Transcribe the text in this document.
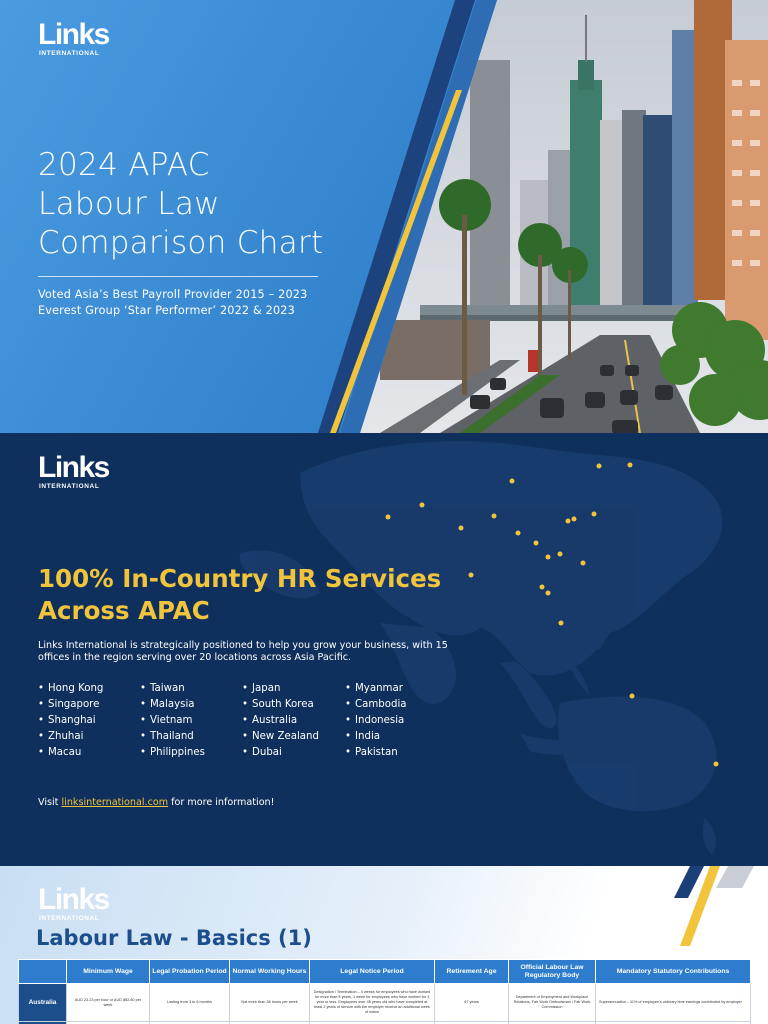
Links
INTERNATIONAL
2024 APAC
Labour Law
Comparison Chart

Voted Asia’s Best Payroll Provider 2015 – 2023
Everest Group ‘Star Performer’ 2022 & 2023

Links
INTERNATIONAL
100% In-Country HR Services
Across APAC

Links International is strategically positioned to help you grow your business, with 15 offices in the region serving over 20 locations across Asia Pacific.

• Hong Kong
• Singapore
• Shanghai
• Zhuhai
• Macau
• Taiwan
• Malaysia
• Vietnam
• Thailand
• Philippines
• Japan
• South Korea
• Australia
• New Zealand
• Dubai
• Myanmar
• Cambodia
• Indonesia
• India
• Pakistan

Visit linksinternational.com for more information!

Links
INTERNATIONAL
Labour Law - Basics (1)
	Minimum Wage	Legal Probation Period	Normal Working Hours	Legal Notice Period	Retirement Age	Official Labour Law Regulatory Body	Mandatory Statutory Contributions
Australia	AUD 23.23 per hour or AUD 882.80 per week	Lasting from 3 to 6 months	Not more than 38 hours per week	Designation / Termination – 4 weeks for employees who have worked for more than 5 years, 1 week for employees who have worked for 1 year or less. Employees over 45 years old who have completed at least 2 years of service with the employer receive an additional week of notice	67 years	Department of Employment and Workplace Relations, Fair Work Ombudsman / Fair Work Commission	Superannuation – 11% of employee's ordinary time earnings contributed by employer
